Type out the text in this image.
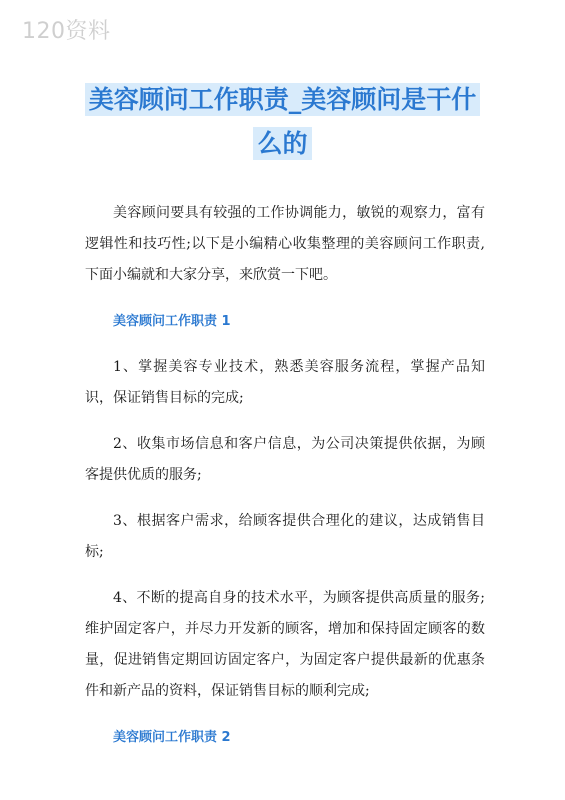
120资料
美容顾问工作职责_美容顾问是干什
么的

美容顾问要具有较强的工作协调能力，敏锐的观察力，富有逻辑性和技巧性;以下是小编精心收集整理的美容顾问工作职责,下面小编就和大家分享，来欣赏一下吧。

美容顾问工作职责 1

1、掌握美容专业技术，熟悉美容服务流程，掌握产品知识，保证销售目标的完成;

2、收集市场信息和客户信息，为公司决策提供依据，为顾客提供优质的服务;

3、根据客户需求，给顾客提供合理化的建议，达成销售目标;

4、不断的提高自身的技术水平，为顾客提供高质量的服务;维护固定客户，并尽力开发新的顾客，增加和保持固定顾客的数量，促进销售定期回访固定客户，为固定客户提供最新的优惠条件和新产品的资料，保证销售目标的顺利完成;

美容顾问工作职责 2
